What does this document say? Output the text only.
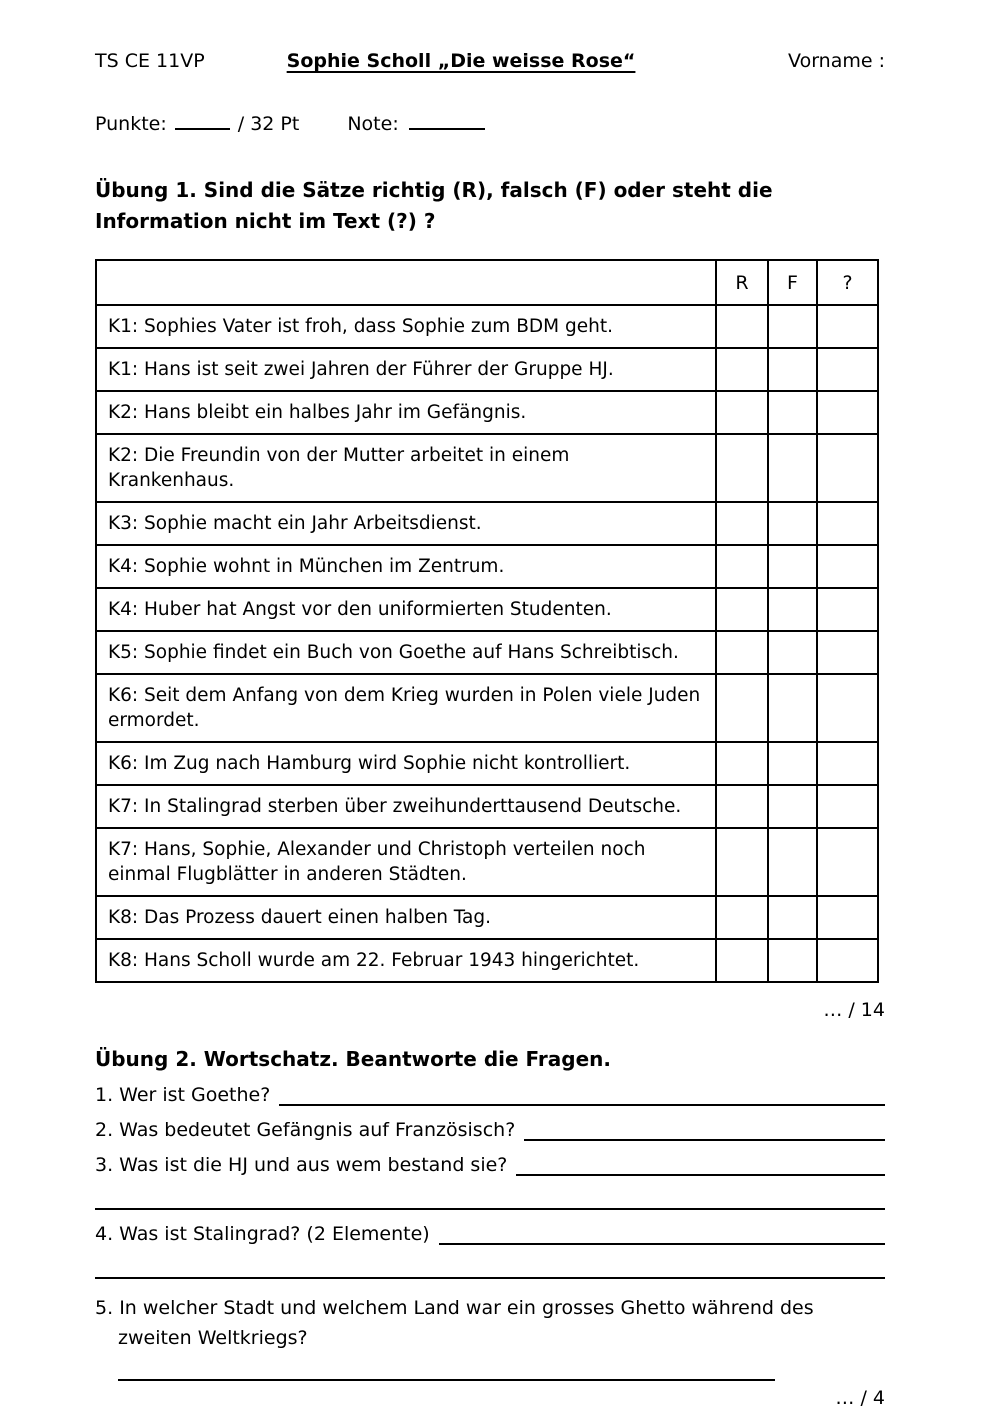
TS CE 11VP	Sophie Scholl „Die weisse Rose“	Vorname :
Punkte:	/ 32 Pt	Note:
Übung 1. Sind die Sätze richtig (R), falsch (F) oder steht die Information nicht im Text (?) ?
	R	F	?
K1: Sophies Vater ist froh, dass Sophie zum BDM geht.			
K1: Hans ist seit zwei Jahren der Führer der Gruppe HJ.			
K2: Hans bleibt ein halbes Jahr im Gefängnis.			
K2: Die Freundin von der Mutter arbeitet in einem Krankenhaus.			
K3: Sophie macht ein Jahr Arbeitsdienst.			
K4: Sophie wohnt in München im Zentrum.			
K4: Huber hat Angst vor den uniformierten Studenten.			
K5: Sophie findet ein Buch von Goethe auf Hans Schreibtisch.			
K6: Seit dem Anfang von dem Krieg wurden in Polen viele Juden ermordet.			
K6: Im Zug nach Hamburg wird Sophie nicht kontrolliert.			
K7: In Stalingrad sterben über zweihunderttausend Deutsche.			
K7: Hans, Sophie, Alexander und Christoph verteilen noch einmal Flugblätter in anderen Städten.			
K8: Das Prozess dauert einen halben Tag.			
K8: Hans Scholl wurde am 22. Februar 1943 hingerichtet.			
… / 14
Übung 2. Wortschatz. Beantworte die Fragen.
1. Wer ist Goethe?
2. Was bedeutet Gefängnis auf Französisch?
3. Was ist die HJ und aus wem bestand sie?
4. Was ist Stalingrad? (2 Elemente)
5. In welcher Stadt und welchem Land war ein grosses Ghetto während des zweiten Weltkriegs?
… / 4
